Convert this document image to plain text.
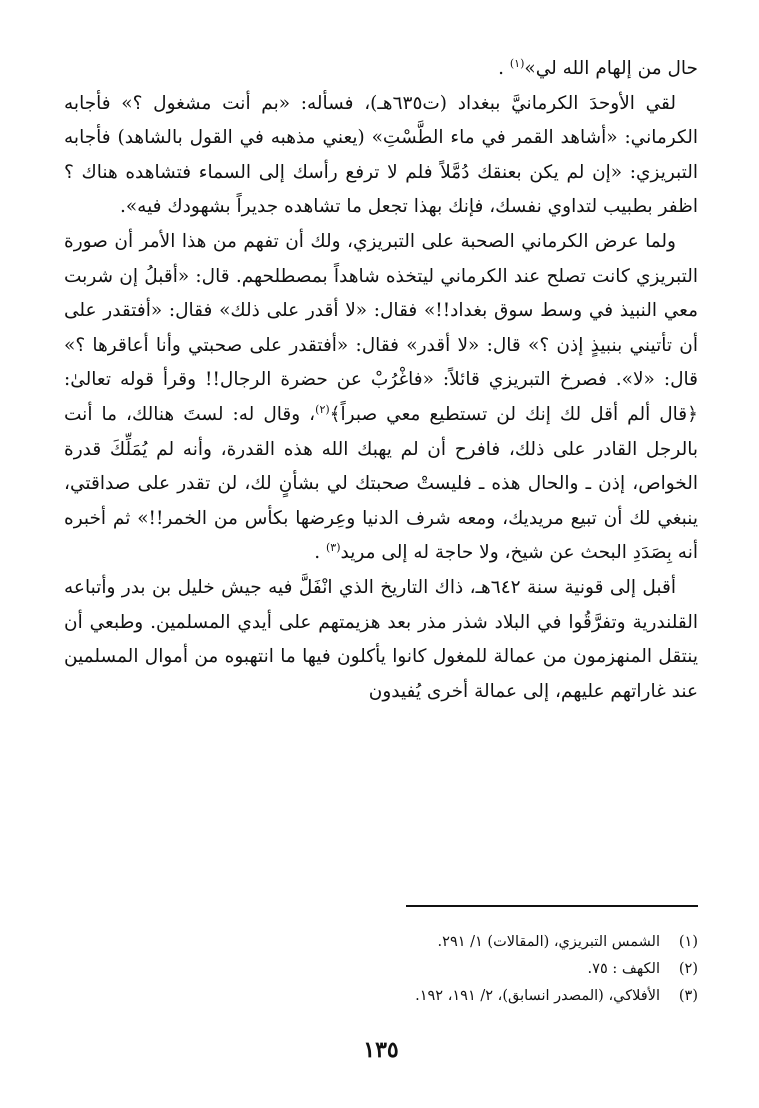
حال من إلهام الله لي»$^{(١)}$ .

لقي الأوحدَ الكرمانيَّ ببغداد (ت٦٣٥هـ)، فسأله: «بم أنت مشغول ؟» فأجابه الكرماني: «أشاهد القمر في ماء الطَّسْتِ» (يعني مذهبه في القول بالشاهد) فأجابه التبريزي: «إن لم يكن بعنقك دُمَّلاً فلم لا ترفع رأسك إلى السماء فتشاهده هناك ؟ اظفر بطبيب لتداوي نفسك، فإنك بهذا تجعل ما تشاهده جديراً بشهودك فيه».

ولما عرض الكرماني الصحبة على التبريزي، ولك أن تفهم من هذا الأمر أن صورة التبريزي كانت تصلح عند الكرماني ليتخذه شاهداً بمصطلحهم. قال: «أقبلُ إن شربت معي النبيذ في وسط سوق بغداد!!» فقال: «لا أقدر على ذلك» فقال: «أفتقدر على أن تأتيني بنبيذٍ إذن ؟» قال: «لا أقدر» فقال: «أفتقدر على صحبتي وأنا أعاقرها ؟» قال: «لا». فصرخ التبريزي قائلاً: «فاغْرُبْ عن حضرة الرجال!! وقرأ قوله تعالىٰ: ﴿قال ألم أقل لك إنك لن تستطيع معي صبراً﴾$^{(٢)}$، وقال له: لستَ هنالك، ما أنت بالرجل القادر على ذلك، فافرح أن لم يهبك الله هذه القدرة، وأنه لم يُمَلِّكَ قدرة الخواص، إذن ـ والحال هذه ـ فليستْ صحبتك لي بشأنٍ لك، لن تقدر على صداقتي، ينبغي لك أن تبيع مريديك، ومعه شرف الدنيا وعِرضها بكأس من الخمر!!» ثم أخبره أنه بِصَدَدِ البحث عن شيخ، ولا حاجة له إلى مريد$^{(٣)}$ .

أقبل إلى قونية سنة ٦٤٢هـ، ذاك التاريخ الذي انْفَلَّ فيه جيش خليل بن بدر وأتباعه القلندرية وتفرَّقُوا في البلاد شذر مذر بعد هزيمتهم على أيدي المسلمين. وطبعي أن ينتقل المنهزمون من عمالة للمغول كانوا يأكلون فيها ما انتهبوه من أموال المسلمين عند غاراتهم عليهم، إلى عمالة أخرى يُفيدون

(١)
الشمس التبريزي، (المقالات) ١/ ٢٩١.
(٢)
الكهف : ٧٥.
(٣)
الأفلاكي، (المصدر انسابق)، ٢/ ١٩١، ١٩٢.
١٣٥
